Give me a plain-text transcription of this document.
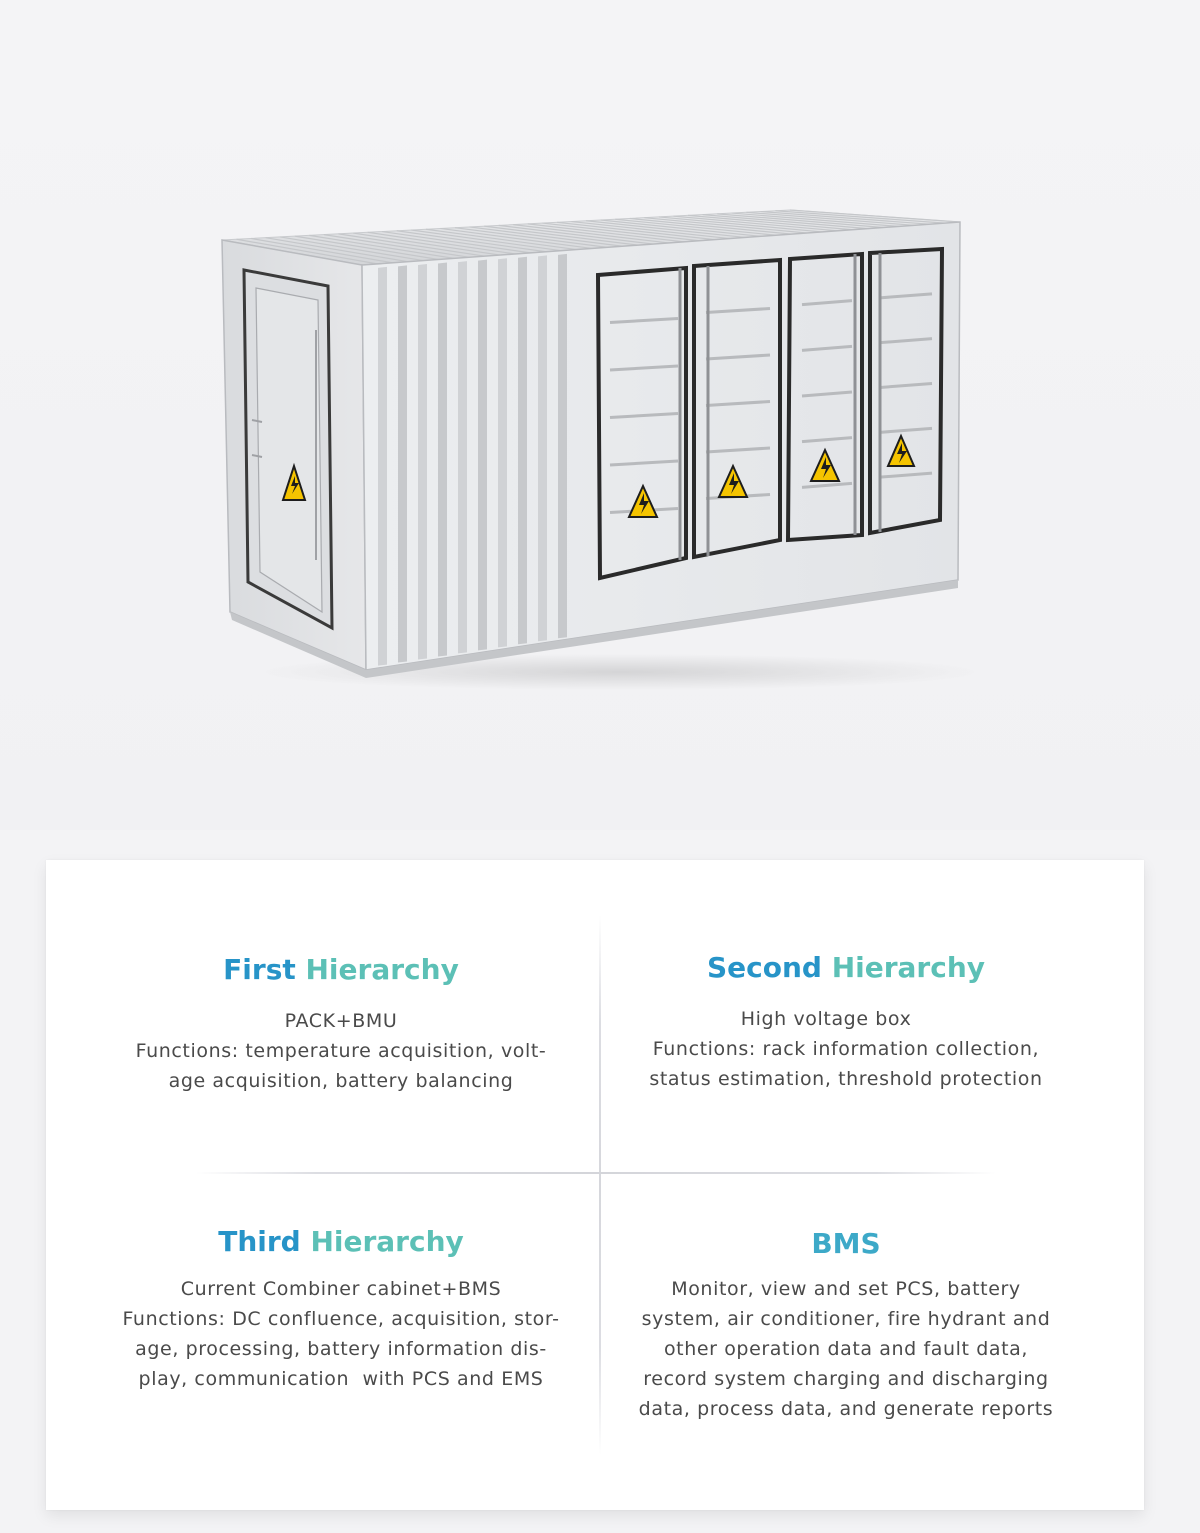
First Hierarchy
PACK+BMU
Functions: temperature acquisition, volt-
age acquisition, battery balancing
Second Hierarchy
High voltage box
Functions: rack information collection,
status estimation, threshold protection
Third Hierarchy
Current Combiner cabinet+BMS
Functions: DC confluence, acquisition, stor-
age, processing, battery information dis-
play, communication  with PCS and EMS
BMS
Monitor, view and set PCS, battery
system, air conditioner, fire hydrant and
other operation data and fault data,
record system charging and discharging
data, process data, and generate reports
